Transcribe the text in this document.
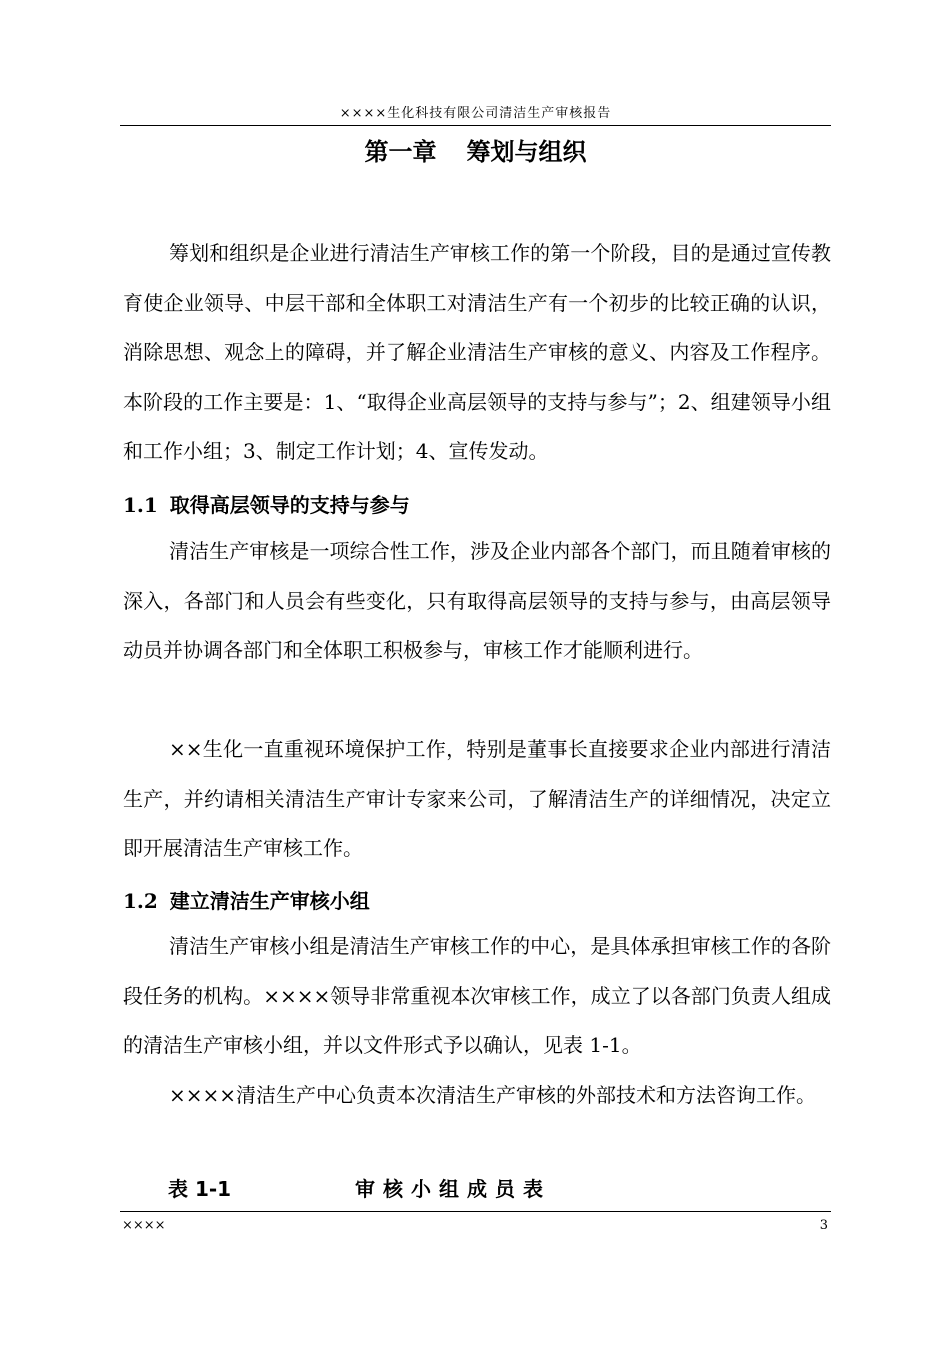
××××生化科技有限公司清洁生产审核报告
第一章 筹划与组织

筹划和组织是企业进行清洁生产审核工作的第一个阶段，目的是通过宣传教育使企业领导、中层干部和全体职工对清洁生产有一个初步的比较正确的认识，消除思想、观念上的障碍，并了解企业清洁生产审核的意义、内容及工作程序。本阶段的工作主要是：1、“取得企业高层领导的支持与参与”；2、组建领导小组和工作小组；3、制定工作计划；4、宣传发动。

1.1 取得高层领导的支持与参与

清洁生产审核是一项综合性工作，涉及企业内部各个部门，而且随着审核的深入，各部门和人员会有些变化，只有取得高层领导的支持与参与，由高层领导动员并协调各部门和全体职工积极参与，审核工作才能顺利进行。

××生化一直重视环境保护工作，特别是董事长直接要求企业内部进行清洁生产，并约请相关清洁生产审计专家来公司，了解清洁生产的详细情况，决定立即开展清洁生产审核工作。

1.2 建立清洁生产审核小组

清洁生产审核小组是清洁生产审核工作的中心，是具体承担审核工作的各阶段任务的机构。××××领导非常重视本次审核工作，成立了以各部门负责人组成的清洁生产审核小组，并以文件形式予以确认，见表 1-1。

××××清洁生产中心负责本次清洁生产审核的外部技术和方法咨询工作。

表 1-1	审核小组成员表
××××	3
